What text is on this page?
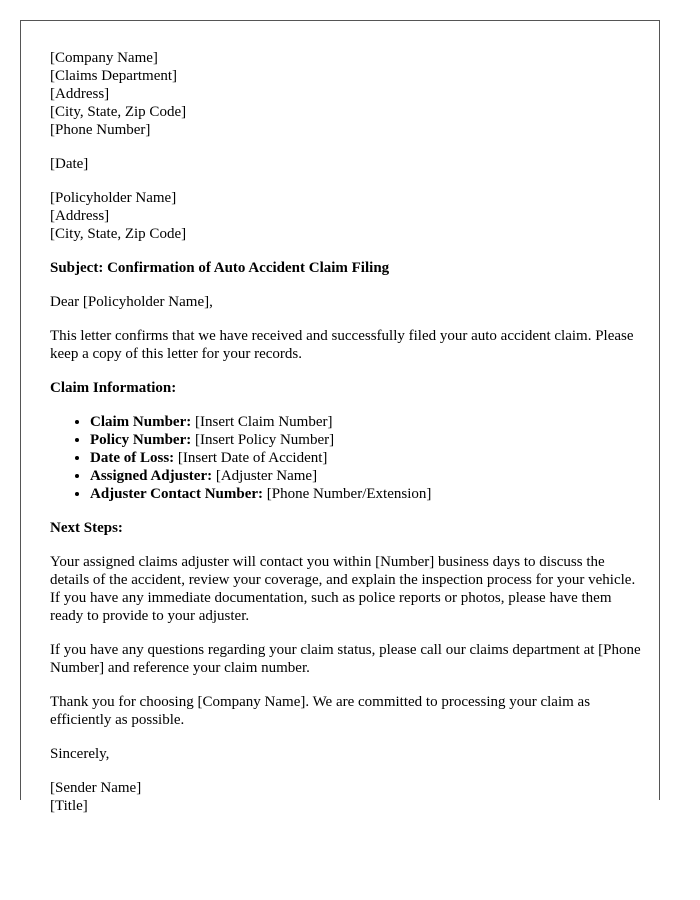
[Company Name]
[Claims Department]
[Address]
[City, State, Zip Code]
[Phone Number]

[Date]

[Policyholder Name]
[Address]
[City, State, Zip Code]

Subject: Confirmation of Auto Accident Claim Filing

Dear [Policyholder Name],

This letter confirms that we have received and successfully filed your auto accident claim. Please keep a copy of this letter for your records.

Claim Information:

• Claim Number: [Insert Claim Number]
• Policy Number: [Insert Policy Number]
• Date of Loss: [Insert Date of Accident]
• Assigned Adjuster: [Adjuster Name]
• Adjuster Contact Number: [Phone Number/Extension]

Next Steps:

Your assigned claims adjuster will contact you within [Number] business days to discuss the details of the accident, review your coverage, and explain the inspection process for your vehicle. If you have any immediate documentation, such as police reports or photos, please have them ready to provide to your adjuster.

If you have any questions regarding your claim status, please call our claims department at [Phone Number] and reference your claim number.

Thank you for choosing [Company Name]. We are committed to processing your claim as efficiently as possible.

Sincerely,

[Sender Name]
[Title]
